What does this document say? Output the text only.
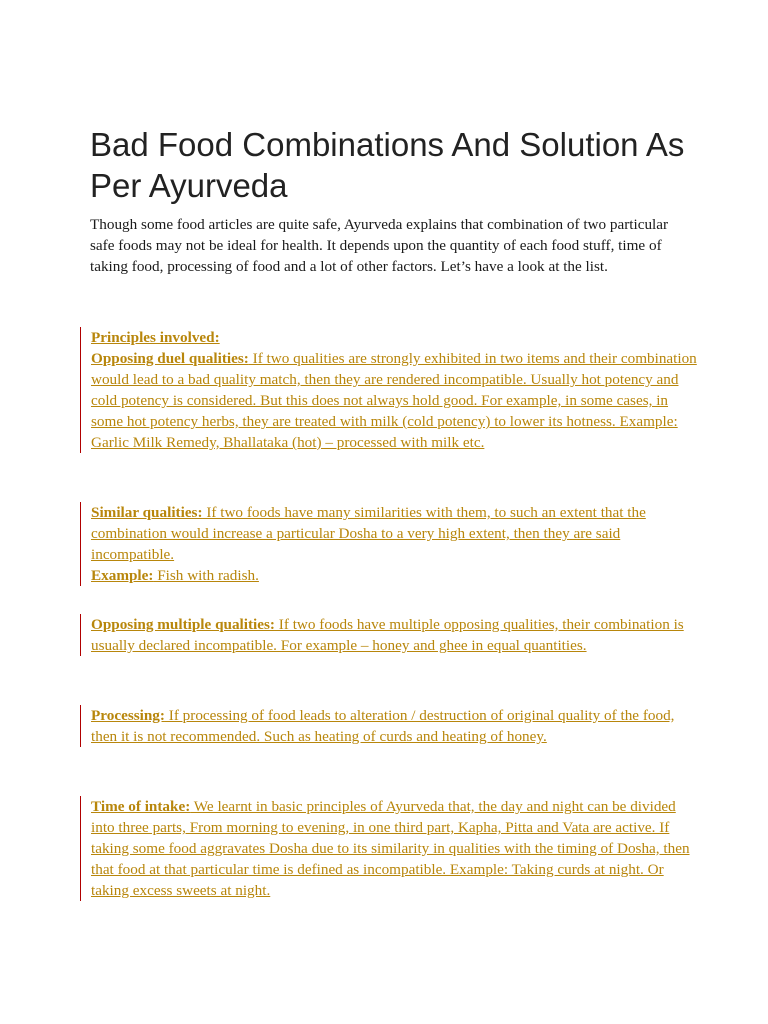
Bad Food Combinations And Solution As Per Ayurveda

Though some food articles are quite safe, Ayurveda explains that combination of two particular safe foods may not be ideal for health. It depends upon the quantity of each food stuff, time of taking food, processing of food and a lot of other factors. Let’s have a look at the list.

Principles involved:

Opposing duel qualities: If two qualities are strongly exhibited in two items and their combination would lead to a bad quality match, then they are rendered incompatible. Usually hot potency and cold potency is considered. But this does not always hold good. For example, in some cases, in some hot potency herbs, they are treated with milk (cold potency) to lower its hotness. Example: Garlic Milk Remedy, Bhallataka (hot) – processed with milk etc.

Similar qualities: If two foods have many similarities with them, to such an extent that the combination would increase a particular Dosha to a very high extent, then they are said incompatible.

Example: Fish with radish.

Opposing multiple qualities: If two foods have multiple opposing qualities, their combination is usually declared incompatible. For example – honey and ghee in equal quantities.

Processing: If processing of food leads to alteration / destruction of original quality of the food, then it is not recommended. Such as heating of curds and heating of honey.

Time of intake: We learnt in basic principles of Ayurveda that, the day and night can be divided into three parts, From morning to evening, in one third part, Kapha, Pitta and Vata are active. If taking some food aggravates Dosha due to its similarity in qualities with the timing of Dosha, then that food at that particular time is defined as incompatible. Example: Taking curds at night. Or taking excess sweets at night.
